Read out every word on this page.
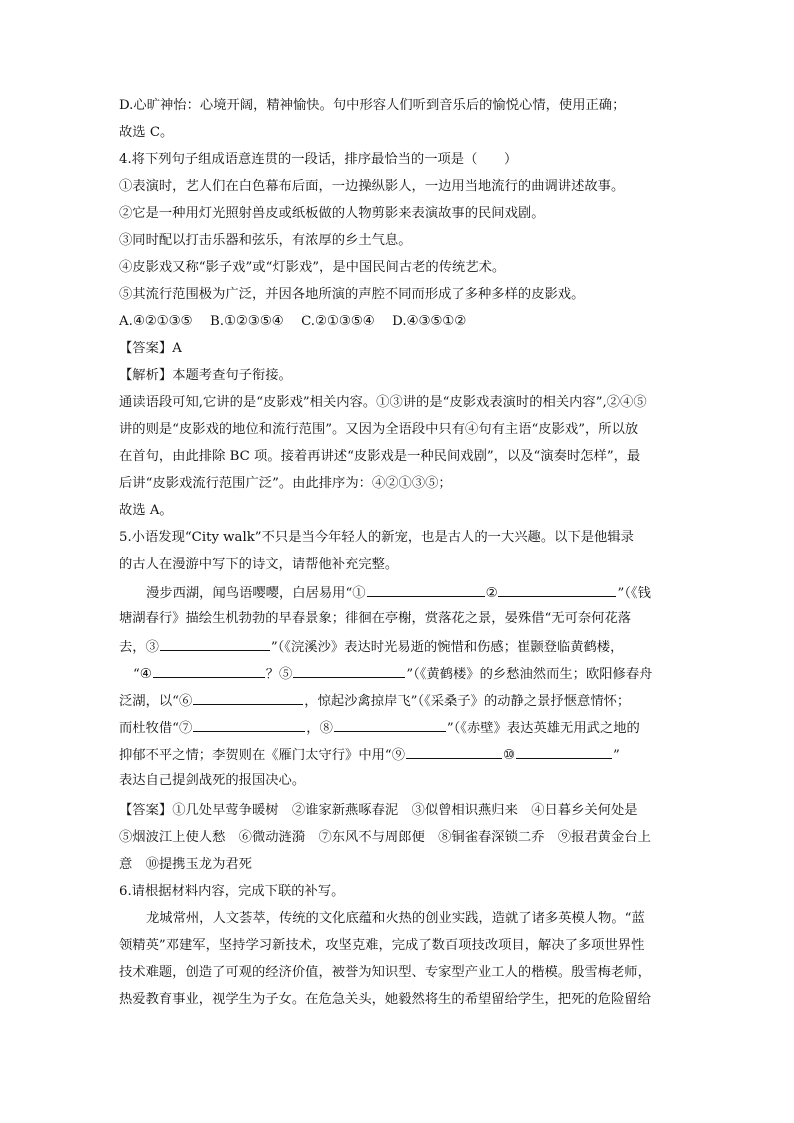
D.心旷神怡：心境开阔，精神愉快。句中形容人们听到音乐后的愉悦心情，使用正确；
故选 C。
4.将下列句子组成语意连贯的一段话，排序最恰当的一项是（　　）
①表演时，艺人们在白色幕布后面，一边操纵影人，一边用当地流行的曲调讲述故事。
②它是一种用灯光照射兽皮或纸板做的人物剪影来表演故事的民间戏剧。
③同时配以打击乐器和弦乐，有浓厚的乡土气息。
④皮影戏又称“影子戏”或“灯影戏”，是中国民间古老的传统艺术。
⑤其流行范围极为广泛，并因各地所演的声腔不同而形成了多种多样的皮影戏。
A.④②①③⑤　 B.①②③⑤④　 C.②①③⑤④　 D.④③⑤①②
【答案】A
【解析】本题考查句子衔接。
通读语段可知,它讲的是“皮影戏”相关内容。①③讲的是“皮影戏表演时的相关内容”,②④⑤
讲的则是“皮影戏的地位和流行范围”。又因为全语段中只有④句有主语“皮影戏”，所以放
在首句，由此排除 BC 项。接着再讲述“皮影戏是一种民间戏剧”，以及“演奏时怎样”，最
后讲“皮影戏流行范围广泛”。由此排序为：④②①③⑤；
故选 A。
5.小语发现“City walk”不只是当今年轻人的新宠，也是古人的一大兴趣。以下是他辑录
的古人在漫游中写下的诗文，请帮他补充完整。
漫步西湖，闻鸟语嘤嘤，白居易用“①	②	”（《钱
塘湖春行》描绘生机勃勃的早春景象；徘徊在亭榭，赏落花之景，晏殊借“无可奈何花落
去，③	”（《浣溪沙》表达时光易逝的惋惜和伤感；崔颢登临黄鹤楼，
“④	？⑤	”（《黄鹤楼》的乡愁油然而生；欧阳修春舟
泛湖，以“⑥	，惊起沙禽掠岸飞”（《采桑子》的动静之景抒惬意情怀；
而杜牧借“⑦	，⑧	”（《赤壁》表达英雄无用武之地的
抑郁不平之情；李贺则在《雁门太守行》中用“⑨	⑩	”
表达自己提剑战死的报国决心。
【答案】①几处早莺争暖树　②谁家新燕啄春泥　③似曾相识燕归来　④日暮乡关何处是
⑤烟波江上使人愁　⑥微动涟漪　⑦东风不与周郎便　⑧铜雀春深锁二乔　⑨报君黄金台上
意　⑩提携玉龙为君死
6.请根据材料内容，完成下联的补写。
龙城常州，人文荟萃，传统的文化底蕴和火热的创业实践，造就了诸多英模人物。“蓝
领精英”邓建军，坚持学习新技术，攻坚克难，完成了数百项技改项目，解决了多项世界性
技术难题，创造了可观的经济价值，被誉为知识型、专家型产业工人的楷模。殷雪梅老师，
热爱教育事业，视学生为子女。在危急关头，她毅然将生的希望留给学生，把死的危险留给
